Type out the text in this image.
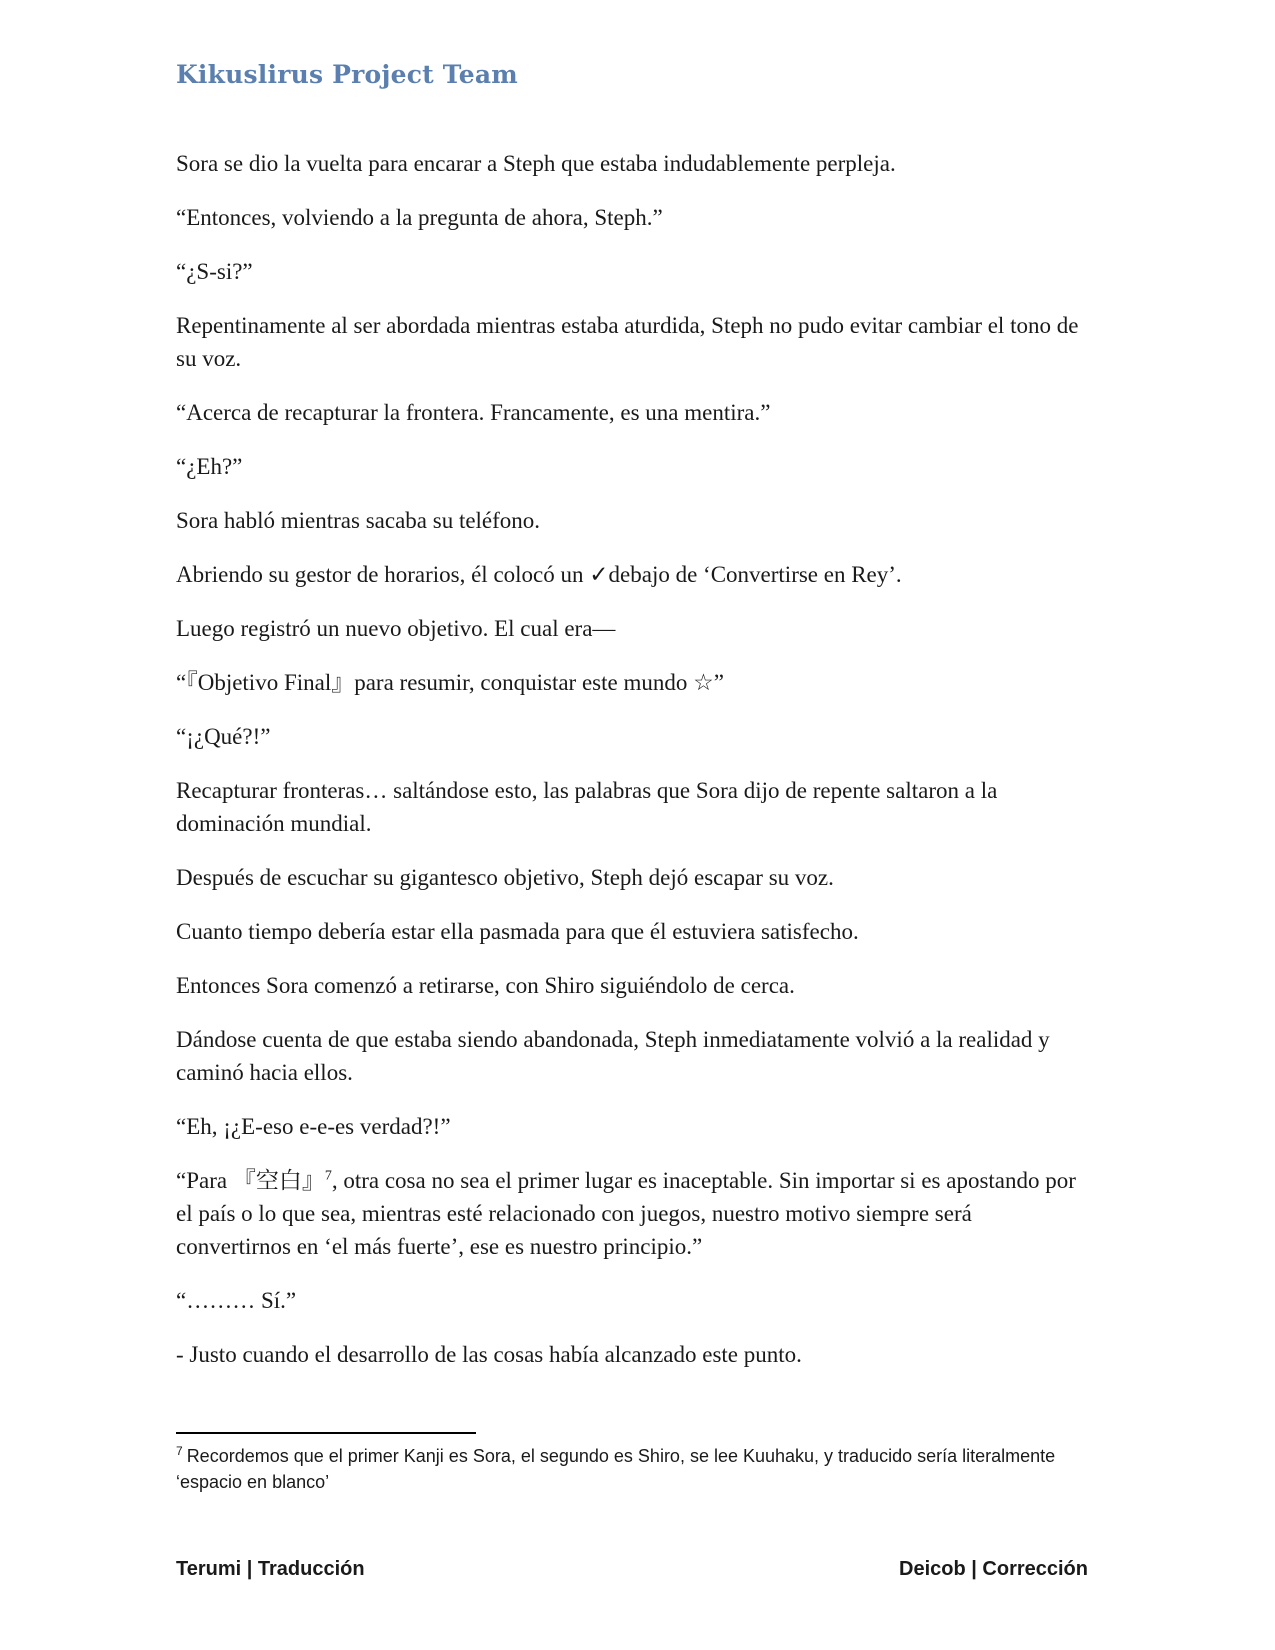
Kikuslirus Project Team

Sora se dio la vuelta para encarar a Steph que estaba indudablemente perpleja.

“Entonces, volviendo a la pregunta de ahora, Steph.”

“¿S-si?”

Repentinamente al ser abordada mientras estaba aturdida, Steph no pudo evitar cambiar el tono de su voz.

“Acerca de recapturar la frontera. Francamente, es una mentira.”

“¿Eh?”

Sora habló mientras sacaba su teléfono.

Abriendo su gestor de horarios, él colocó un ✓debajo de ‘Convertirse en Rey’.

Luego registró un nuevo objetivo. El cual era—

“『Objetivo Final』para resumir, conquistar este mundo ☆”

“¡¿Qué?!”

Recapturar fronteras… saltándose esto, las palabras que Sora dijo de repente saltaron a la dominación mundial.

Después de escuchar su gigantesco objetivo, Steph dejó escapar su voz.

Cuanto tiempo debería estar ella pasmada para que él estuviera satisfecho.

Entonces Sora comenzó a retirarse, con Shiro siguiéndolo de cerca.

Dándose cuenta de que estaba siendo abandonada, Steph inmediatamente volvió a la realidad y caminó hacia ellos.

“Eh, ¡¿E-eso e-e-es verdad?!”

“Para 『空白』$^7$, otra cosa no sea el primer lugar es inaceptable. Sin importar si es apostando por el país o lo que sea, mientras esté relacionado con juegos, nuestro motivo siempre será convertirnos en ‘el más fuerte’, ese es nuestro principio.”

“……… Sí.”

- Justo cuando el desarrollo de las cosas había alcanzado este punto.

$^7$ Recordemos que el primer Kanji es Sora, el segundo es Shiro, se lee Kuuhaku, y traducido sería literalmente ‘espacio en blanco’
Terumi | Traducción	Deicob | Corrección
